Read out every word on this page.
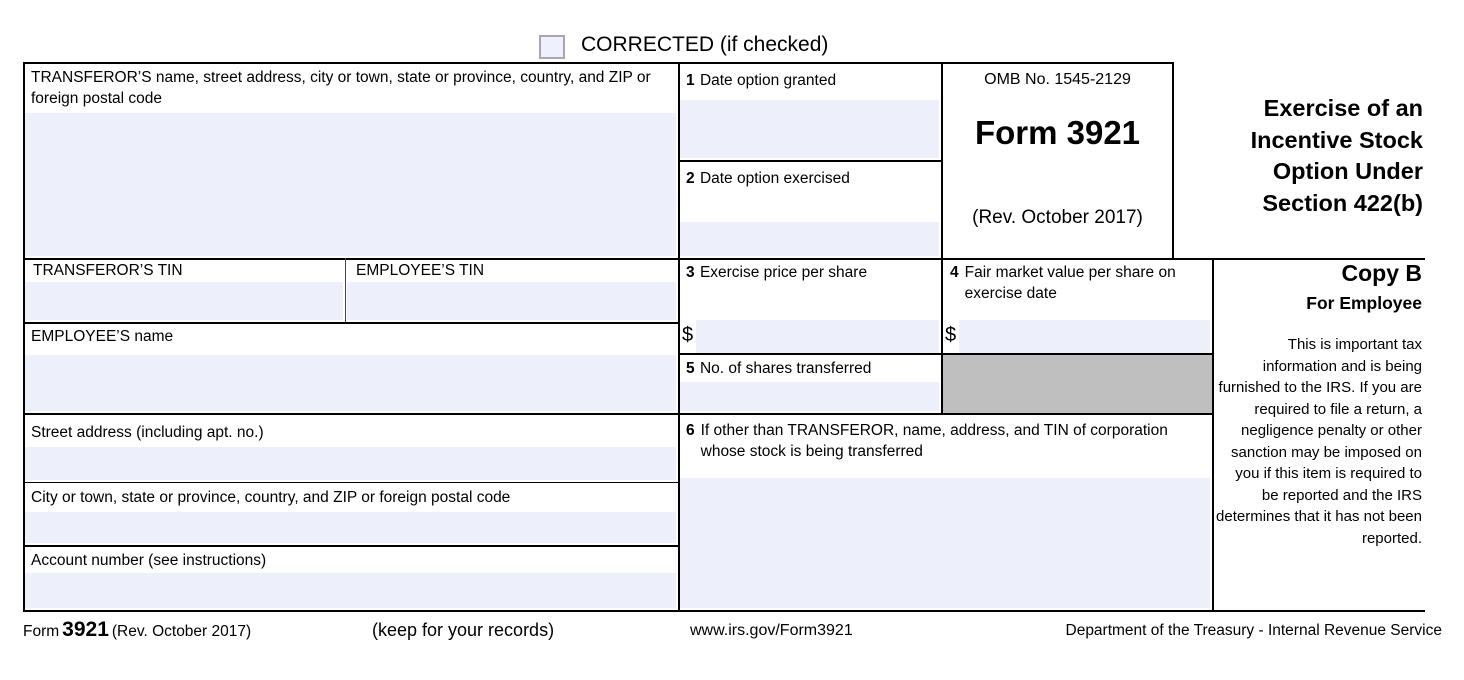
CORRECTED (if checked)
TRANSFEROR’S name, street address, city or town, state or province, country, and ZIP or foreign postal code
TRANSFEROR’S TIN	EMPLOYEE’S TIN
EMPLOYEE’S name
Street address (including apt. no.)
City or town, state or province, country, and ZIP or foreign postal code
Account number (see instructions)
1 Date option granted
2 Date option exercised
3 Exercise price per share	4 Fair market value per share on exercise date
5 No. of shares transferred
6 If other than TRANSFEROR, name, address, and TIN of corporation whose stock is being transferred
$	$
OMB No. 1545-2129
Form 3921
(Rev. October 2017)
Exercise of an
Incentive Stock
Option Under
Section 422(b)
Copy B
For Employee
This is important tax information and is being furnished to the IRS. If you are required to file a return, a negligence penalty or other sanction may be imposed on you if this item is required to be reported and the IRS determines that it has not been reported.
Form 3921 (Rev. October 2017)	(keep for your records)	www.irs.gov/Form3921	Department of the Treasury - Internal Revenue Service
